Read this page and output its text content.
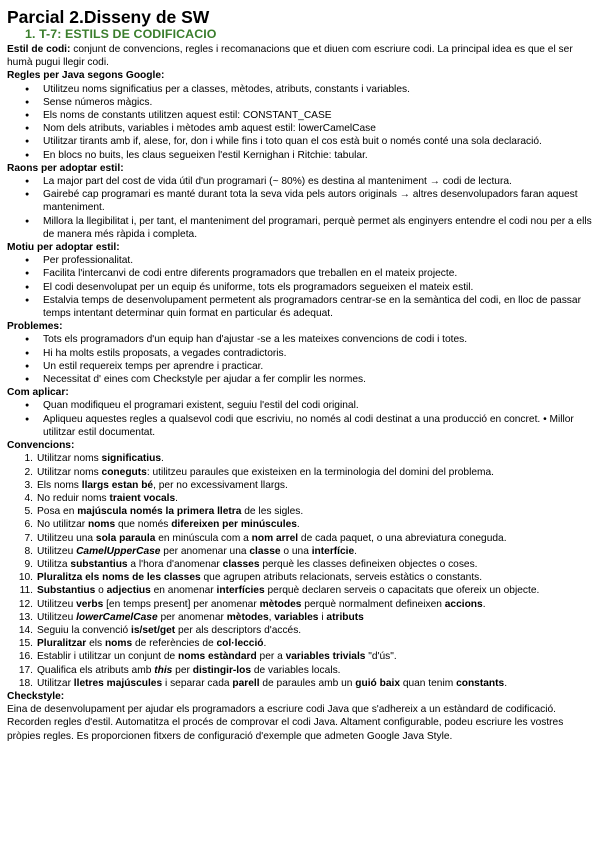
Parcial 2.Disseny de SW
1. T-7: ESTILS DE CODIFICACIO

Estil de codi: conjunt de convencions, regles i recomanacions que et diuen com escriure codi. La principal idea es que el ser humà pugui llegir codi.

Regles per Java segons Google:
● Utilitzeu noms significatius per a classes, mètodes, atributs, constants i variables.
● Sense números màgics.
● Els noms de constants utilitzen aquest estil: CONSTANT_CASE
● Nom dels atributs, variables i mètodes amb aquest estil: lowerCamelCase
● Utilitzar tirants amb if, alese, for, don i while fins i toto quan el cos està buit o només conté una sola declaració.
● En blocs no buits, les claus segueixen l'estil Kernighan i Ritchie: tabular.
Raons per adoptar estil:
● La major part del cost de vida útil d'un programari (~ 80%) es destina al manteniment → codi de lectura.
● Gairebé cap programari es manté durant tota la seva vida pels autors originals → altres desenvolupadors faran aquest manteniment.
● Millora la llegibilitat i, per tant, el manteniment del programari, perquè permet als enginyers entendre el codi nou per a ells de manera més ràpida i completa.
Motiu per adoptar estil:
● Per professionalitat.
● Facilita l'intercanvi de codi entre diferents programadors que treballen en el mateix projecte.
● El codi desenvolupat per un equip és uniforme, tots els programadors segueixen el mateix estil.
● Estalvia temps de desenvolupament permetent als programadors centrar-se en la semàntica del codi, en lloc de passar temps intentant determinar quin format en particular és adequat.
Problemes:
● Tots els programadors d'un equip han d'ajustar -se a les mateixes convencions de codi i totes.
● Hi ha molts estils proposats, a vegades contradictoris.
● Un estil requereix temps per aprendre i practicar.
● Necessitat d' eines com Checkstyle per ajudar a fer complir les normes.
Com aplicar:
● Quan modifiqueu el programari existent, seguiu l'estil del codi original.
● Apliqueu aquestes regles a qualsevol codi que escriviu, no només al codi destinat a una producció en concret. • Millor utilitzar estil documentat.
Convencions:
1. Utilitzar noms significatius.
2. Utilitzar noms coneguts: utilitzeu paraules que existeixen en la terminologia del domini del problema.
3. Els noms llargs estan bé, per no excessivament llargs.
4. No reduir noms traient vocals.
5. Posa en majúscula només la primera lletra de les sigles.
6. No utilitzar noms que només difereixen per minúscules.
7. Utilitzeu una sola paraula en minúscula com a nom arrel de cada paquet, o una abreviatura coneguda.
8. Utilitzeu CamelUpperCase per anomenar una classe o una interfície.
9. Utilitza substantius a l'hora d'anomenar classes perquè les classes defineixen objectes o coses.
10. Pluralitza els noms de les classes que agrupen atributs relacionats, serveis estàtics o constants.
11. Substantius o adjectius en anomenar interfícies perquè declaren serveis o capacitats que ofereix un objecte.
12. Utilitzeu verbs [en temps present] per anomenar mètodes perquè normalment defineixen accions.
13. Utilitzeu lowerCamelCase per anomenar mètodes, variables i atributs
14. Seguiu la convenció is/set/get per als descriptors d'accés.
15. Pluralitzar els noms de referències de col·lecció.
16. Establir i utilitzar un conjunt de noms estàndard per a variables trivials "d'ús".
17. Qualifica els atributs amb this per distingir-los de variables locals.
18. Utilitzar lletres majúscules i separar cada parell de paraules amb un guió baix quan tenim constants.
Checkstyle:

Eina de desenvolupament per ajudar els programadors a escriure codi Java que s'adhereix a un estàndard de codificació. Recorden regles d'estil. Automatitza el procés de comprovar el codi Java. Altament configurable, podeu escriure les vostres pròpies regles. Es proporcionen fitxers de configuració d'exemple que admeten Google Java Style.
